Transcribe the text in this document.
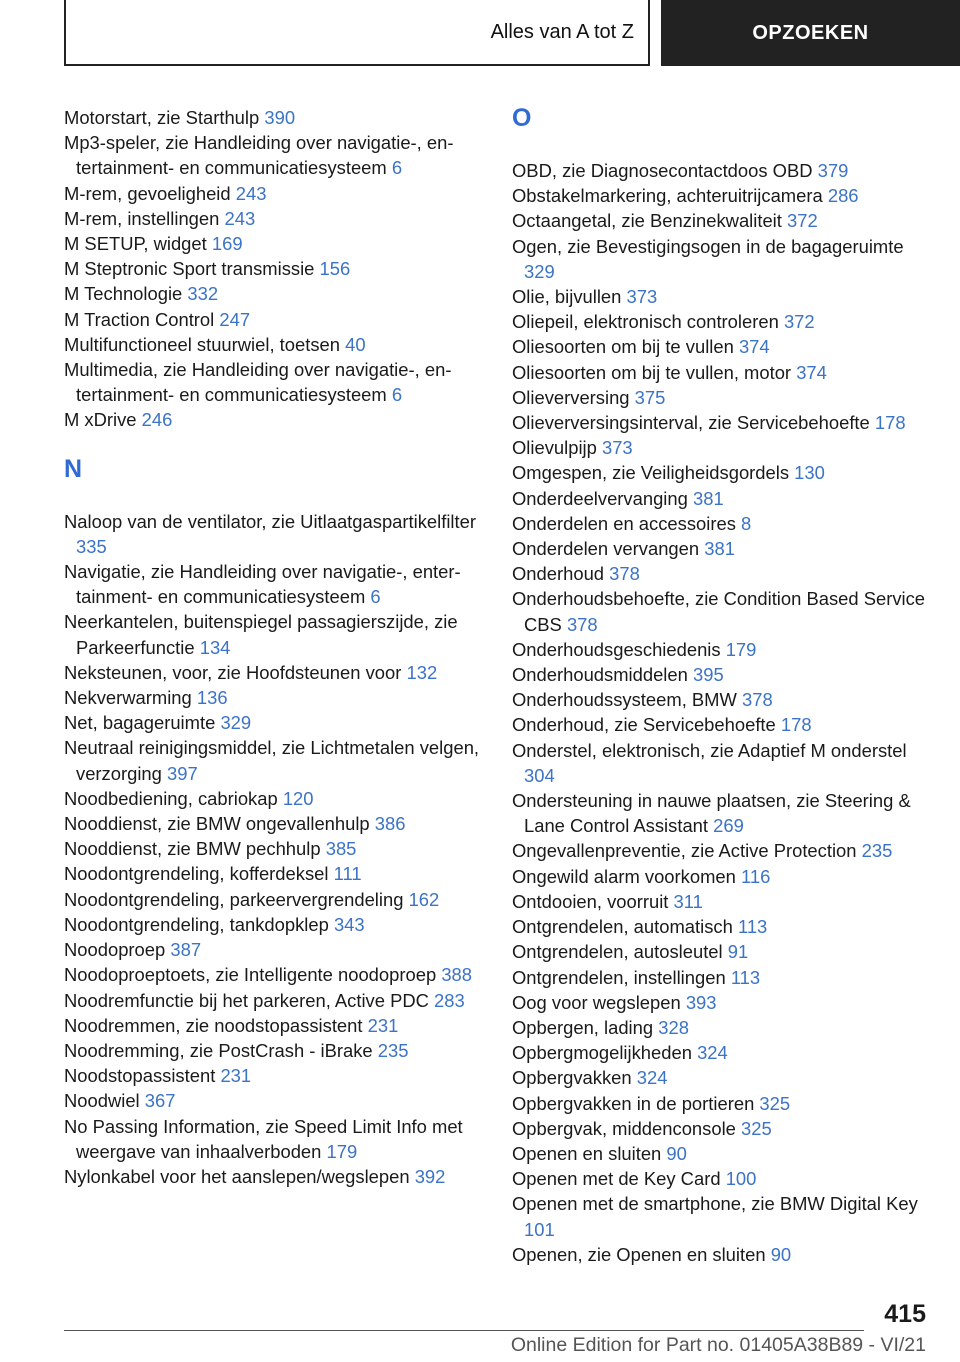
Alles van A tot Z	OPZOEKEN
Motorstart, zie Starthulp 390
Mp3-speler, zie Handleiding over navigatie-, entertainment- en communicatiesysteem 6
M-rem, gevoeligheid 243
M-rem, instellingen 243
M SETUP, widget 169
M Steptronic Sport transmissie 156
M Technologie 332
M Traction Control 247
Multifunctioneel stuurwiel, toetsen 40
Multimedia, zie Handleiding over navigatie-, entertainment- en communicatiesysteem 6
M xDrive 246
N
Naloop van de ventilator, zie Uitlaatgaspartikelfilter 335
Navigatie, zie Handleiding over navigatie-, entertainment- en communicatiesysteem 6
Neerkantelen, buitenspiegel passagierszijde, zie Parkeerfunctie 134
Neksteunen, voor, zie Hoofdsteunen voor 132
Nekverwarming 136
Net, bagageruimte 329
Neutraal reinigingsmiddel, zie Lichtmetalen velgen, verzorging 397
Noodbediening, cabriokap 120
Nooddienst, zie BMW ongevallenhulp 386
Nooddienst, zie BMW pechhulp 385
Noodontgrendeling, kofferdeksel 111
Noodontgrendeling, parkeervergrendeling 162
Noodontgrendeling, tankdopklep 343
Noodoproep 387
Noodoproeptoets, zie Intelligente noodoproep 388
Noodremfunctie bij het parkeren, Active PDC 283
Noodremmen, zie noodstopassistent 231
Noodremming, zie PostCrash - iBrake 235
Noodstopassistent 231
Noodwiel 367
No Passing Information, zie Speed Limit Info met weergave van inhaalverboden 179
Nylonkabel voor het aanslepen/wegslepen 392
O
OBD, zie Diagnosecontactdoos OBD 379
Obstakelmarkering, achteruitrijcamera 286
Octaangetal, zie Benzinekwaliteit 372
Ogen, zie Bevestigingsogen in de bagageruimte 329
Olie, bijvullen 373
Oliepeil, elektronisch controleren 372
Oliesoorten om bij te vullen 374
Oliesoorten om bij te vullen, motor 374
Olieverversing 375
Olieverversingsinterval, zie Servicebehoefte 178
Olievulpijp 373
Omgespen, zie Veiligheidsgordels 130
Onderdeelvervanging 381
Onderdelen en accessoires 8
Onderdelen vervangen 381
Onderhoud 378
Onderhoudsbehoefte, zie Condition Based Service CBS 378
Onderhoudsgeschiedenis 179
Onderhoudsmiddelen 395
Onderhoudssysteem, BMW 378
Onderhoud, zie Servicebehoefte 178
Onderstel, elektronisch, zie Adaptief M onderstel 304
Ondersteuning in nauwe plaatsen, zie Steering & Lane Control Assistant 269
Ongevallenpreventie, zie Active Protection 235
Ongewild alarm voorkomen 116
Ontdooien, voorruit 311
Ontgrendelen, automatisch 113
Ontgrendelen, autosleutel 91
Ontgrendelen, instellingen 113
Oog voor wegslepen 393
Opbergen, lading 328
Opbergmogelijkheden 324
Opbergvakken 324
Opbergvakken in de portieren 325
Opbergvak, middenconsole 325
Openen en sluiten 90
Openen met de Key Card 100
Openen met de smartphone, zie BMW Digital Key 101
Openen, zie Openen en sluiten 90
415
Online Edition for Part no. 01405A38B89 - VI/21
